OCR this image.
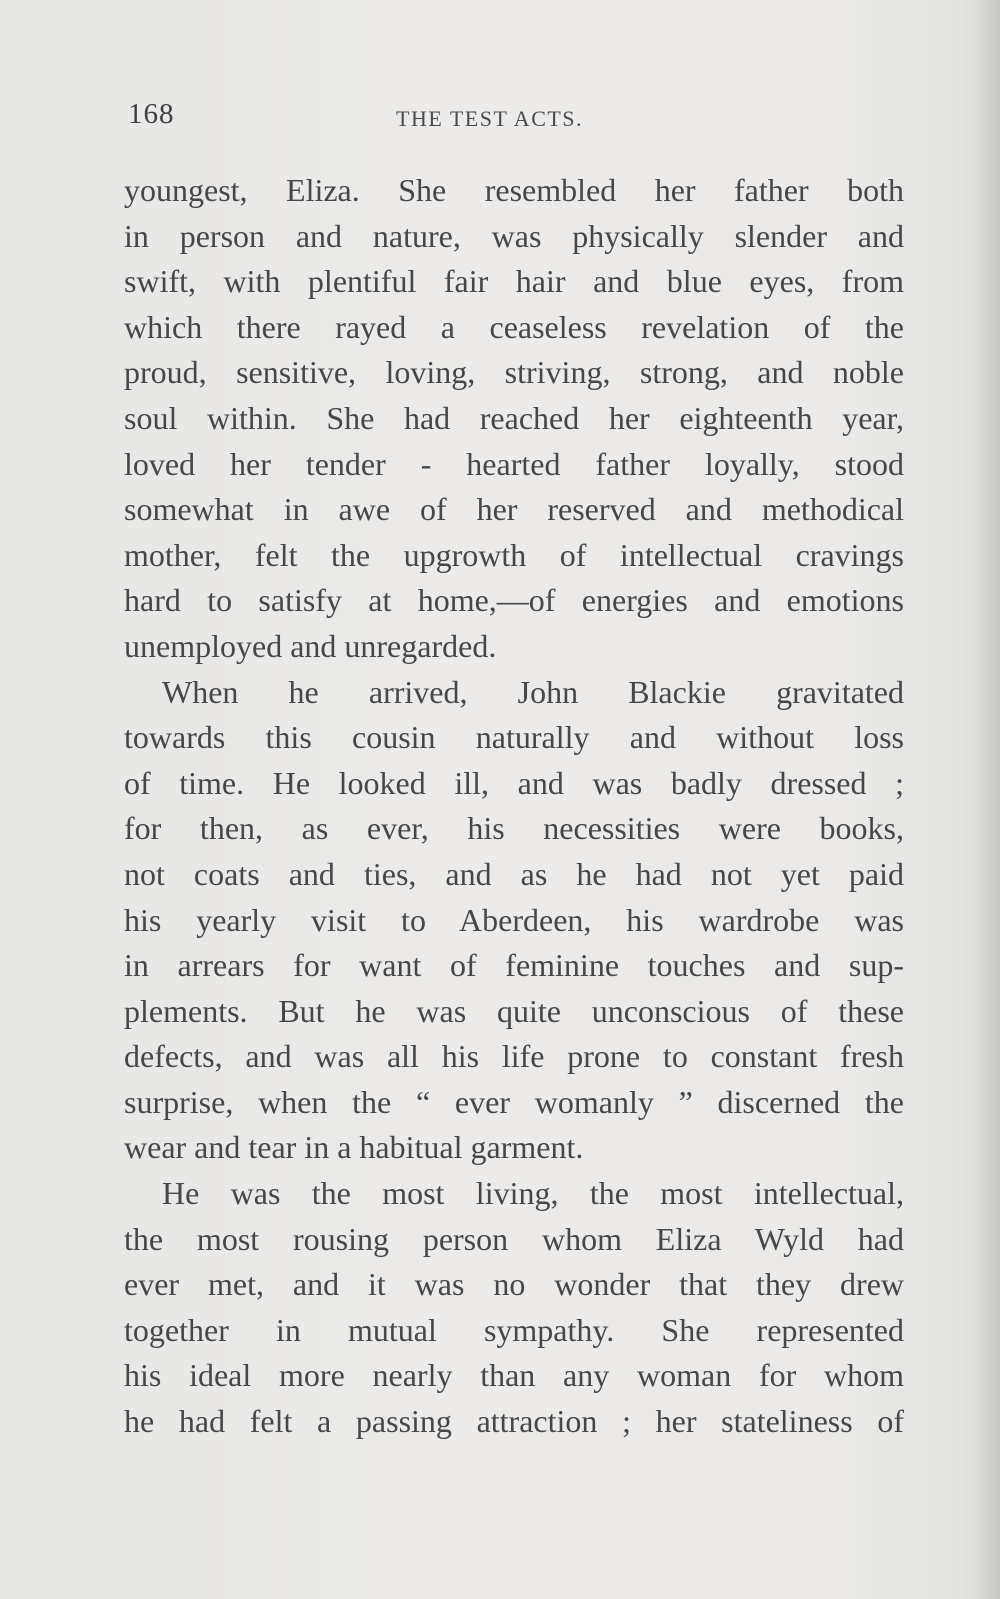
168	THE TEST ACTS.
youngest, Eliza. She resembled her father both
in person and nature, was physically slender and
swift, with plentiful fair hair and blue eyes, from
which there rayed a ceaseless revelation of the
proud, sensitive, loving, striving, strong, and noble
soul within. She had reached her eighteenth year,
loved her tender - hearted father loyally, stood
somewhat in awe of her reserved and methodical
mother, felt the upgrowth of intellectual cravings
hard to satisfy at home,—of energies and emotions
unemployed and unregarded.
When he arrived, John Blackie gravitated
towards this cousin naturally and without loss
of time. He looked ill, and was badly dressed ;
for then, as ever, his necessities were books,
not coats and ties, and as he had not yet paid
his yearly visit to Aberdeen, his wardrobe was
in arrears for want of feminine touches and sup-
plements. But he was quite unconscious of these
defects, and was all his life prone to constant fresh
surprise, when the “ ever womanly ” discerned the
wear and tear in a habitual garment.
He was the most living, the most intellectual,
the most rousing person whom Eliza Wyld had
ever met, and it was no wonder that they drew
together in mutual sympathy. She represented
his ideal more nearly than any woman for whom
he had felt a passing attraction ; her stateliness of
